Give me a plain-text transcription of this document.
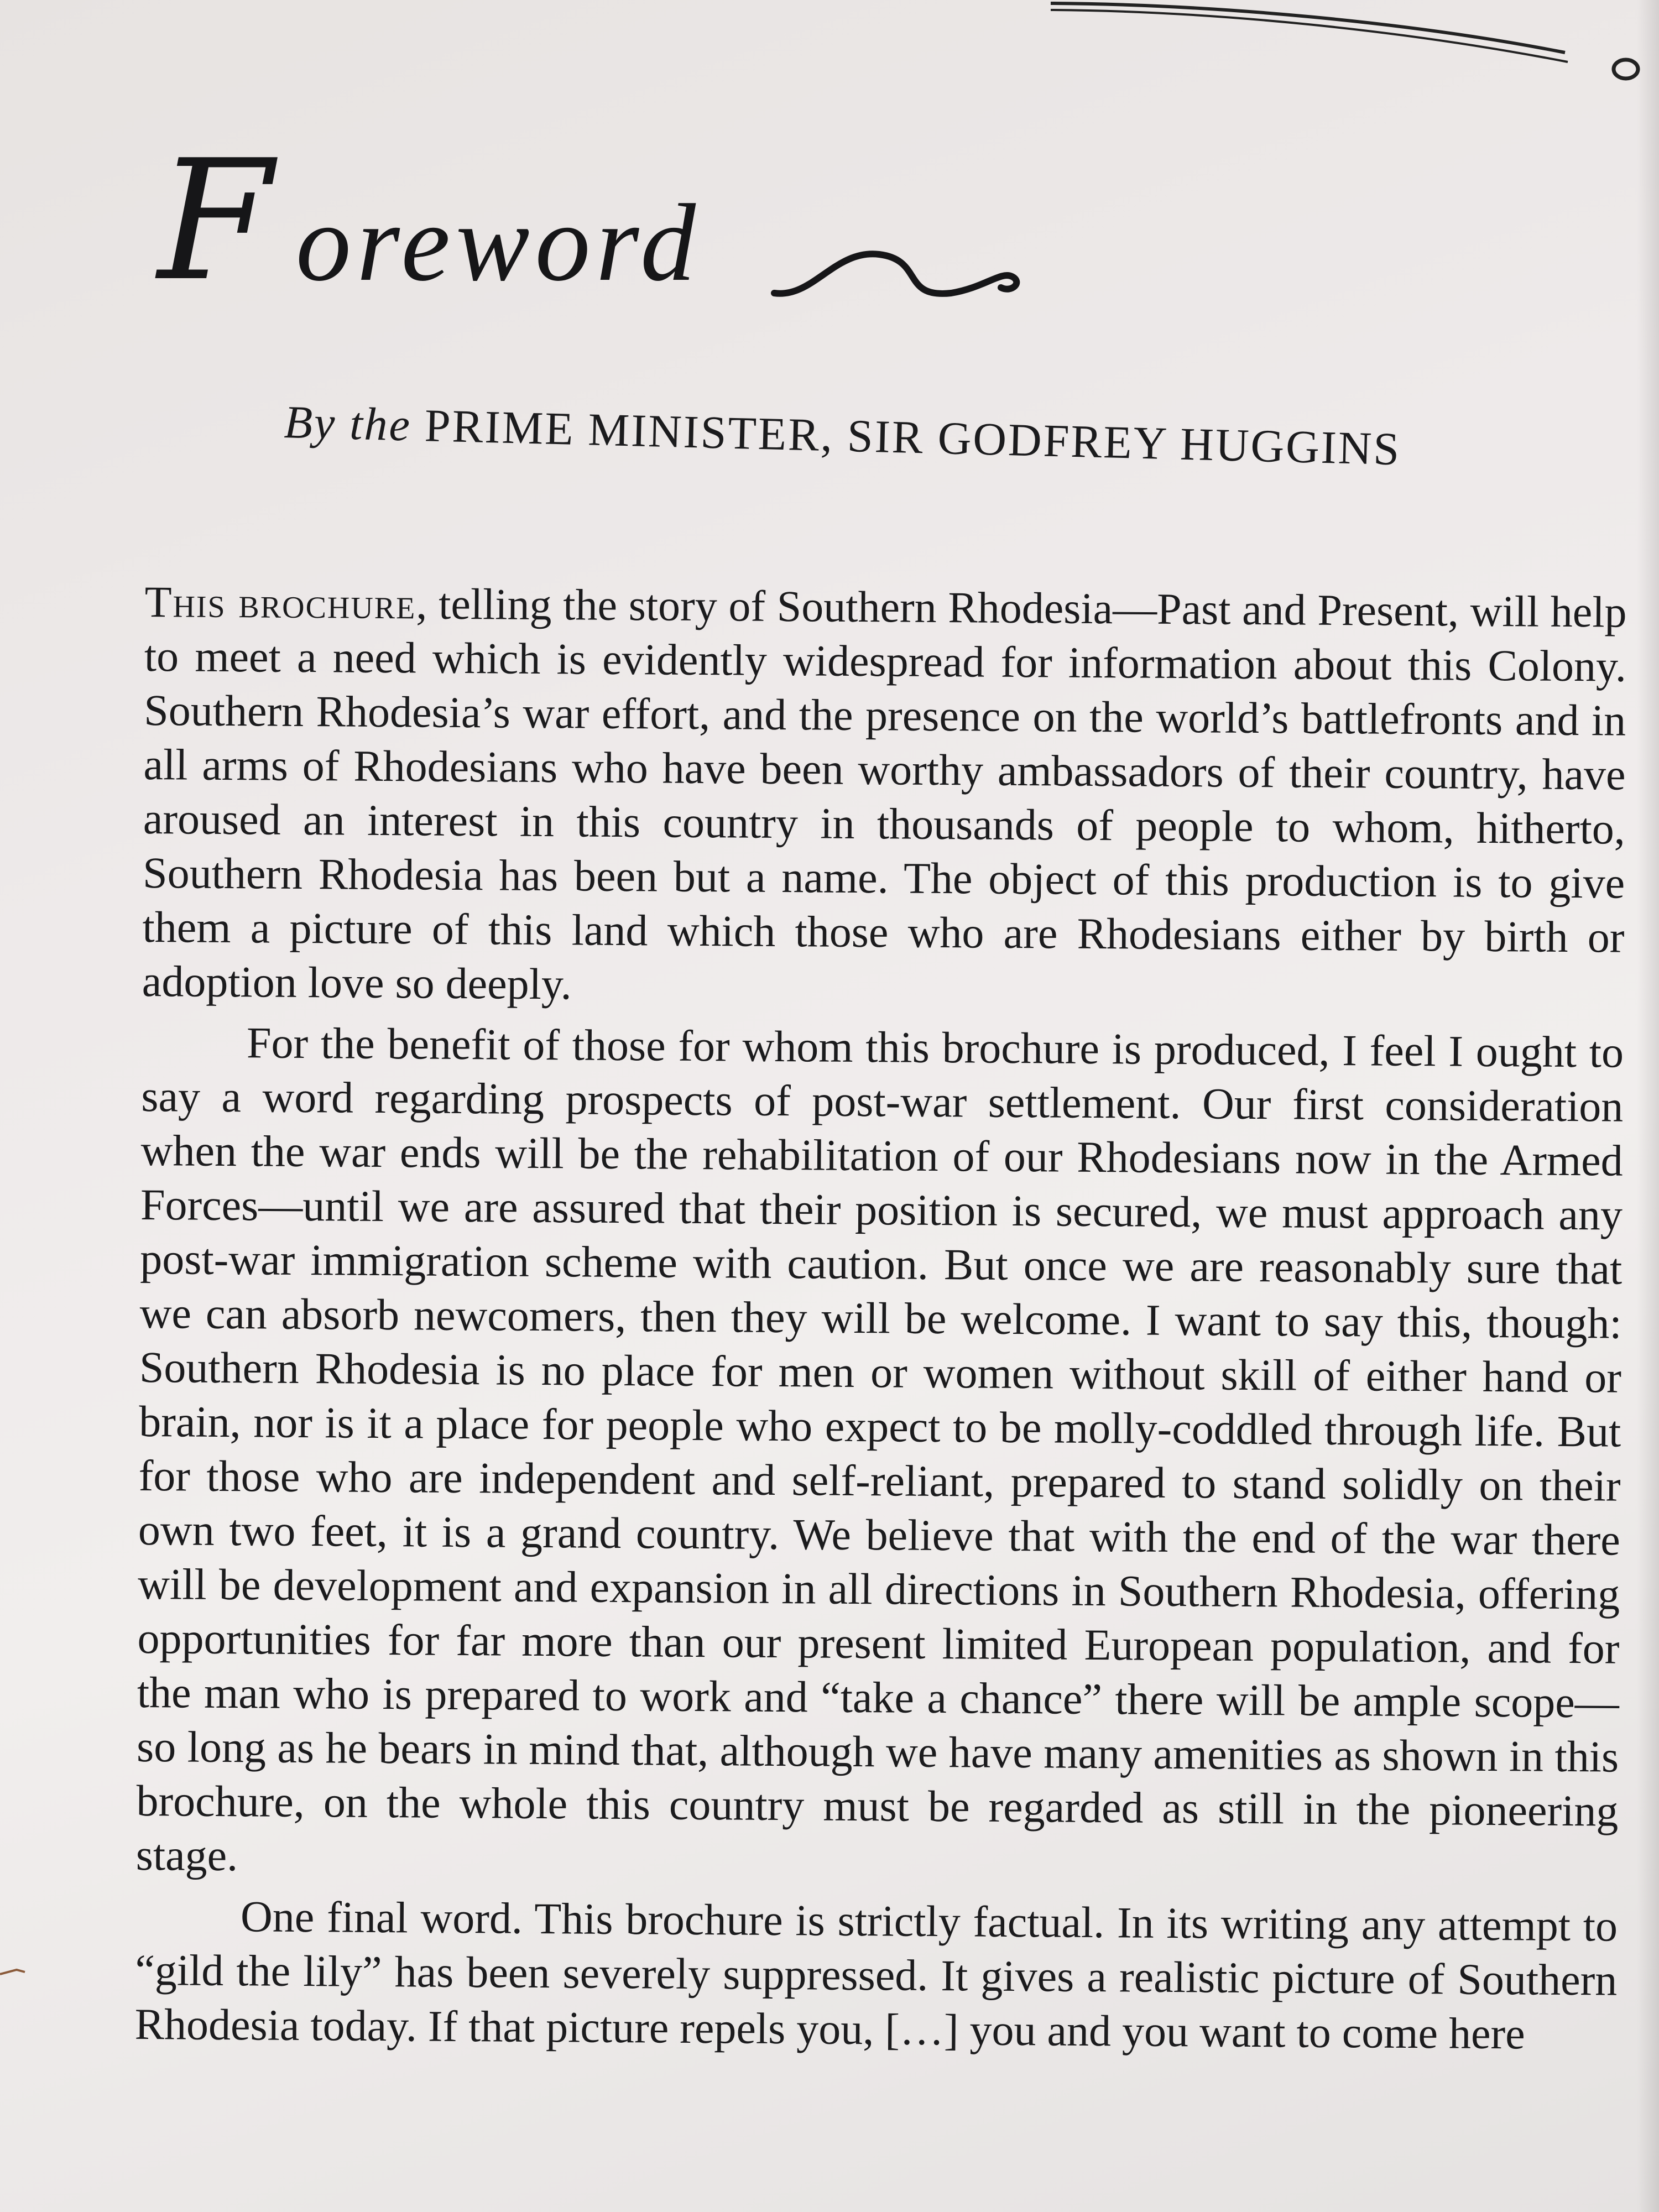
F oreword
By the PRIME MINISTER, SIR GODFREY HUGGINS

This brochure, telling the story of Southern Rhodesia—Past and Present, will help to meet a need which is evidently widespread for information about this Colony. Southern Rhodesia’s war effort, and the presence on the world’s battlefronts and in all arms of Rhodesians who have been worthy ambassadors of their country, have aroused an interest in this country in thousands of people to whom, hitherto, Southern Rhodesia has been but a name. The object of this production is to give them a picture of this land which those who are Rhodesians either by birth or adoption love so deeply.

For the benefit of those for whom this brochure is produced, I feel I ought to say a word regarding prospects of post-war settlement. Our first consideration when the war ends will be the rehabilitation of our Rhodesians now in the Armed Forces—until we are assured that their position is secured, we must approach any post-war immigration scheme with caution. But once we are reasonably sure that we can absorb newcomers, then they will be welcome. I want to say this, though: Southern Rhodesia is no place for men or women without skill of either hand or brain, nor is it a place for people who expect to be molly-coddled through life. But for those who are independent and self-reliant, prepared to stand solidly on their own two feet, it is a grand country. We believe that with the end of the war there will be development and expansion in all directions in Southern Rhodesia, offering opportunities for far more than our present limited European population, and for the man who is prepared to work and “take a chance” there will be ample scope—so long as he bears in mind that, although we have many amenities as shown in this brochure, on the whole this country must be regarded as still in the pioneering stage.

One final word. This brochure is strictly factual. In its writing any attempt to “gild the lily” has been severely suppressed. It gives a realistic picture of Southern Rhodesia today. If that picture repels you, […] you and you want to come here
